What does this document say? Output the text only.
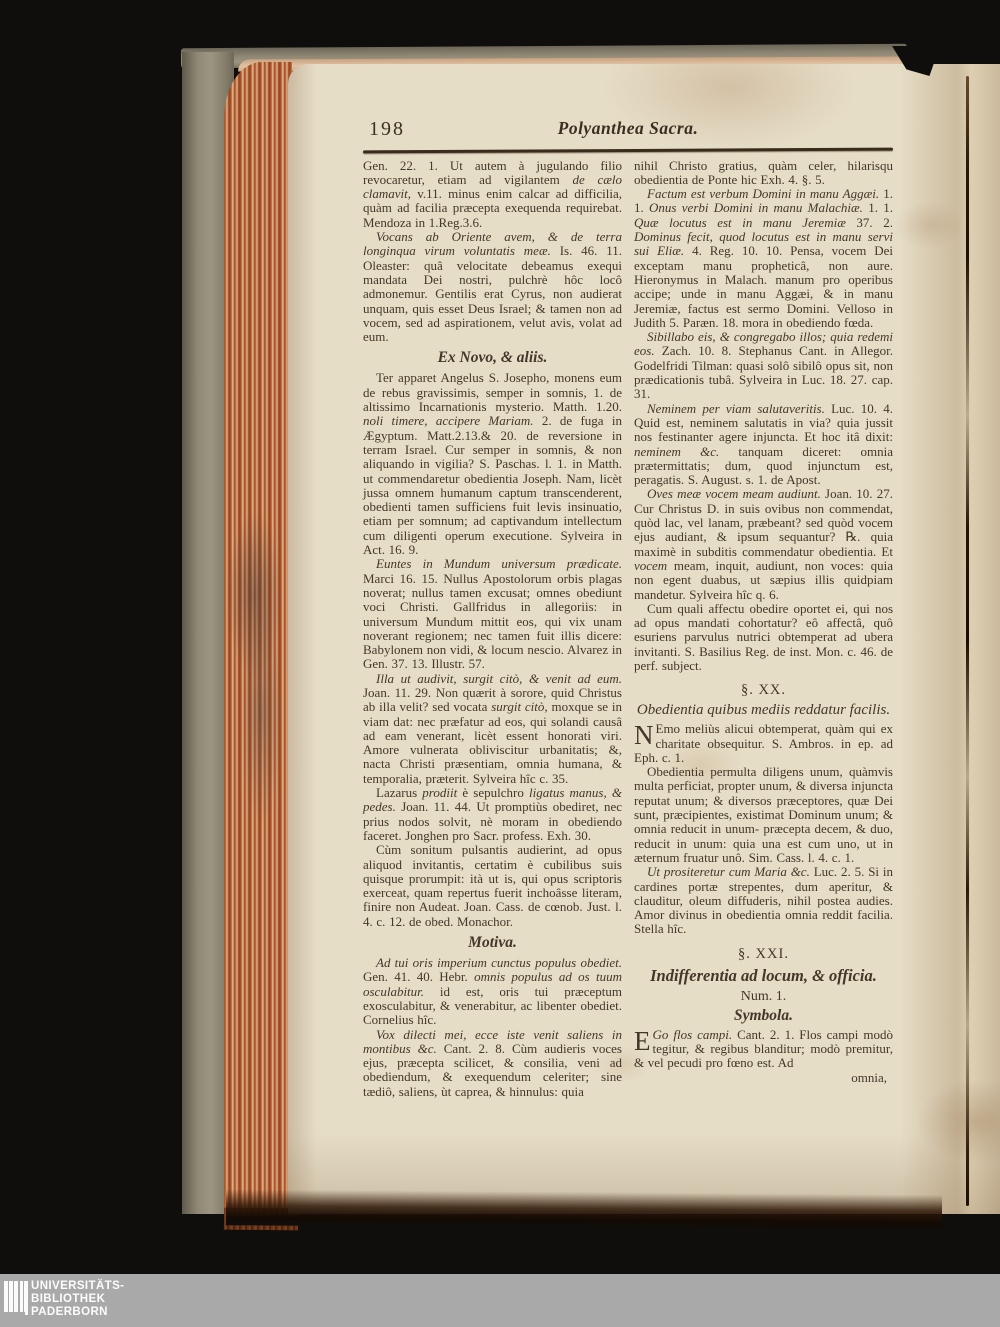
198	Polyanthea Sacra.

Gen. 22. 1. Ut autem à jugulando filio revocaretur, etiam ad vigilantem de cælo clamavit, v.11. minus enim calcar ad difficilia, quàm ad facilia præcepta exequenda requirebat. Mendoza in 1.Reg.3.6.

Vocans ab Oriente avem, & de terra longinqua virum voluntatis meæ. Is. 46. 11. Oleaster: quâ velocitate debeamus exequi mandata Dei nostri, pulchrè hôc locô admonemur. Gentilis erat Cyrus, non audierat unquam, quis esset Deus Israel; & tamen non ad vocem, sed ad aspirationem, velut avis, volat ad eum.

Ex Novo, & aliis.

Ter apparet Angelus S. Josepho, monens eum de rebus gravissimis, semper in somnis, 1. de altissimo Incarnationis mysterio. Matth. 1.20. noli timere, accipere Mariam. 2. de fuga in Ægyptum. Matt.2.13.& 20. de reversione in terram Israel. Cur semper in somnis, & non aliquando in vigilia? S. Paschas. l. 1. in Matth. ut commendaretur obedientia Joseph. Nam, licèt jussa omnem humanum captum transcenderent, obedienti tamen sufficiens fuit levis insinuatio, etiam per somnum; ad captivandum intellectum cum diligenti operum executione. Sylveira in Act. 16. 9.

Euntes in Mundum universum prædicate. Marci 16. 15. Nullus Apostolorum orbis plagas noverat; nullus tamen excusat; omnes obediunt voci Christi. Gallfridus in allegoriis: in universum Mundum mittit eos, qui vix unam noverant regionem; nec tamen fuit illis dicere: Babylonem non vidi, & locum nescio. Alvarez in Gen. 37. 13. Illustr. 57.

Illa ut audivit, surgit citò, & venit ad eum. Joan. 11. 29. Non quærit à sorore, quid Christus ab illa velit? sed vocata surgit citò, moxque se in viam dat: nec præfatur ad eos, qui solandi causâ ad eam venerant, licèt essent honorati viri. Amore vulnerata obliviscitur urbanitatis; &, nacta Christi præsentiam, omnia humana, & temporalia, præterit. Sylveira hîc c. 35.

Lazarus prodiit è sepulchro ligatus manus, & pedes. Joan. 11. 44. Ut promptiùs obediret, nec prius nodos solvit, nè moram in obediendo faceret. Jonghen pro Sacr. profess. Exh. 30.

Cùm sonitum pulsantis audierint, ad opus aliquod invitantis, certatim è cubilibus suis quisque prorumpit: ità ut is, qui opus scriptoris exerceat, quam repertus fuerit inchoâsse literam, finire non Audeat. Joan. Cass. de cœnob. Just. l. 4. c. 12. de obed. Monachor.

Motiva.

Ad tui oris imperium cunctus populus obediet. Gen. 41. 40. Hebr. omnis populus ad os tuum osculabitur. id est, oris tui præceptum exosculabitur, & venerabitur, ac libenter obediet. Cornelius hîc.

Vox dilecti mei, ecce iste venit saliens in montibus &c. Cant. 2. 8. Cùm audieris voces ejus, præcepta scilicet, & consilia, veni ad obediendum, & exequendum celeriter; sine tædiô, saliens, ùt caprea, & hinnulus: quia

nihil Christo gratius, quàm celer, hilarisqu obedientia de Ponte hic Exh. 4. §. 5.

Factum est verbum Domini in manu Aggæi. 1. 1. Onus verbi Domini in manu Malachiæ. 1. 1. Quæ locutus est in manu Jeremiæ 37. 2. Dominus fecit, quod locutus est in manu servi sui Eliæ. 4. Reg. 10. 10. Pensa, vocem Dei exceptam manu propheticâ, non aure. Hieronymus in Malach. manum pro operibus accipe; unde in manu Aggæi, & in manu Jeremiæ, factus est sermo Domini. Velloso in Judith 5. Paræn. 18. mora in obediendo fœda.

Sibillabo eis, & congregabo illos; quia redemi eos. Zach. 10. 8. Stephanus Cant. in Allegor. Godelfridi Tilman: quasi solô sibilô opus sit, non prædicationis tubâ. Sylveira in Luc. 18. 27. cap. 31.

Neminem per viam salutaveritis. Luc. 10. 4. Quid est, neminem salutatis in via? quia jussit nos festinanter agere injuncta. Et hoc itâ dixit: neminem &c. tanquam diceret: omnia prætermittatis; dum, quod injunctum est, peragatis. S. August. s. 1. de Apost.

Oves meæ vocem meam audiunt. Joan. 10. 27. Cur Christus D. in suis ovibus non commendat, quòd lac, vel lanam, præbeant? sed quòd vocem ejus audiant, & ipsum sequantur? ℞. quia maximè in subditis commendatur obedientia. Et vocem meam, inquit, audiunt, non voces: quia non egent duabus, ut sæpius illis quidpiam mandetur. Sylveira hîc q. 6.

Cum quali affectu obedire oportet ei, qui nos ad opus mandati cohortatur? eô affectâ, quô esuriens parvulus nutrici obtemperat ad ubera invitanti. S. Basilius Reg. de inst. Mon. c. 46. de perf. subject.

§. XX.
Obedientia quibus mediis reddatur facilis.

N Emo meliùs alicui obtemperat, quàm qui ex charitate obsequitur. S. Ambros. in ep. ad Eph. c. 1.

Obedientia permulta diligens unum, quàmvis multa perficiat, propter unum, & diversa injuncta reputat unum; & diversos præceptores, quæ Dei sunt, præcipientes, existimat Dominum unum; & omnia reducit in unum- præcepta decem, & duo, reducit in unum: quia una est cum uno, ut in æternum fruatur unô. Sim. Cass. l. 4. c. 1.

Ut prositeretur cum Maria &c. Luc. 2. 5. Si in cardines portæ strepentes, dum aperitur, & clauditur, oleum diffuderis, nihil postea audies. Amor divinus in obedientia omnia reddit facilia. Stella hîc.

§. XXI.
Indifferentia ad locum, & officia.
Num. 1.
Symbola.

E Go flos campi. Cant. 2. 1. Flos campi modò tegitur, & regibus blanditur; modò premitur, & vel pecudi pro fœno est. Ad

omnia,
UNIVERSITÄTS-
BIBLIOTHEK
PADERBORN
